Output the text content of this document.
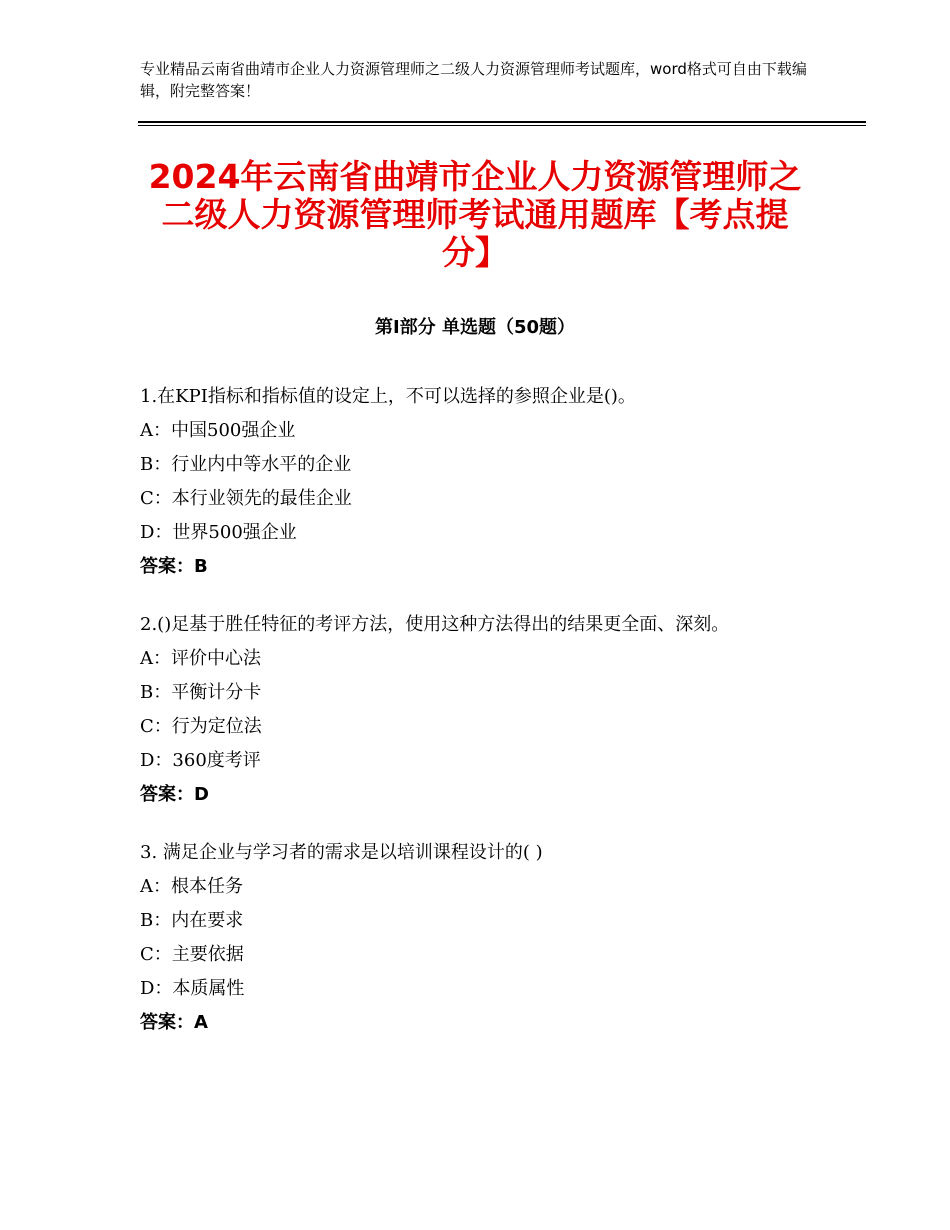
专业精品云南省曲靖市企业人力资源管理师之二级人力资源管理师考试题库，word格式可自由下载编辑，附完整答案！
2024年云南省曲靖市企业人力资源管理师之二级人力资源管理师考试通用题库【考点提分】
第Ⅰ部分 单选题（50题）

1.在KPI指标和指标值的设定上，不可以选择的参照企业是()。

A：中国500强企业

B：行业内中等水平的企业

C：本行业领先的最佳企业

D：世界500强企业

答案：B

2.()足基于胜任特征的考评方法，使用这种方法得出的结果更全面、深刻。

A：评价中心法

B：平衡计分卡

C：行为定位法

D：360度考评

答案：D

3. 满足企业与学习者的需求是以培训课程设计的( )

A：根本任务

B：内在要求

C：主要依据

D：本质属性

答案：A
